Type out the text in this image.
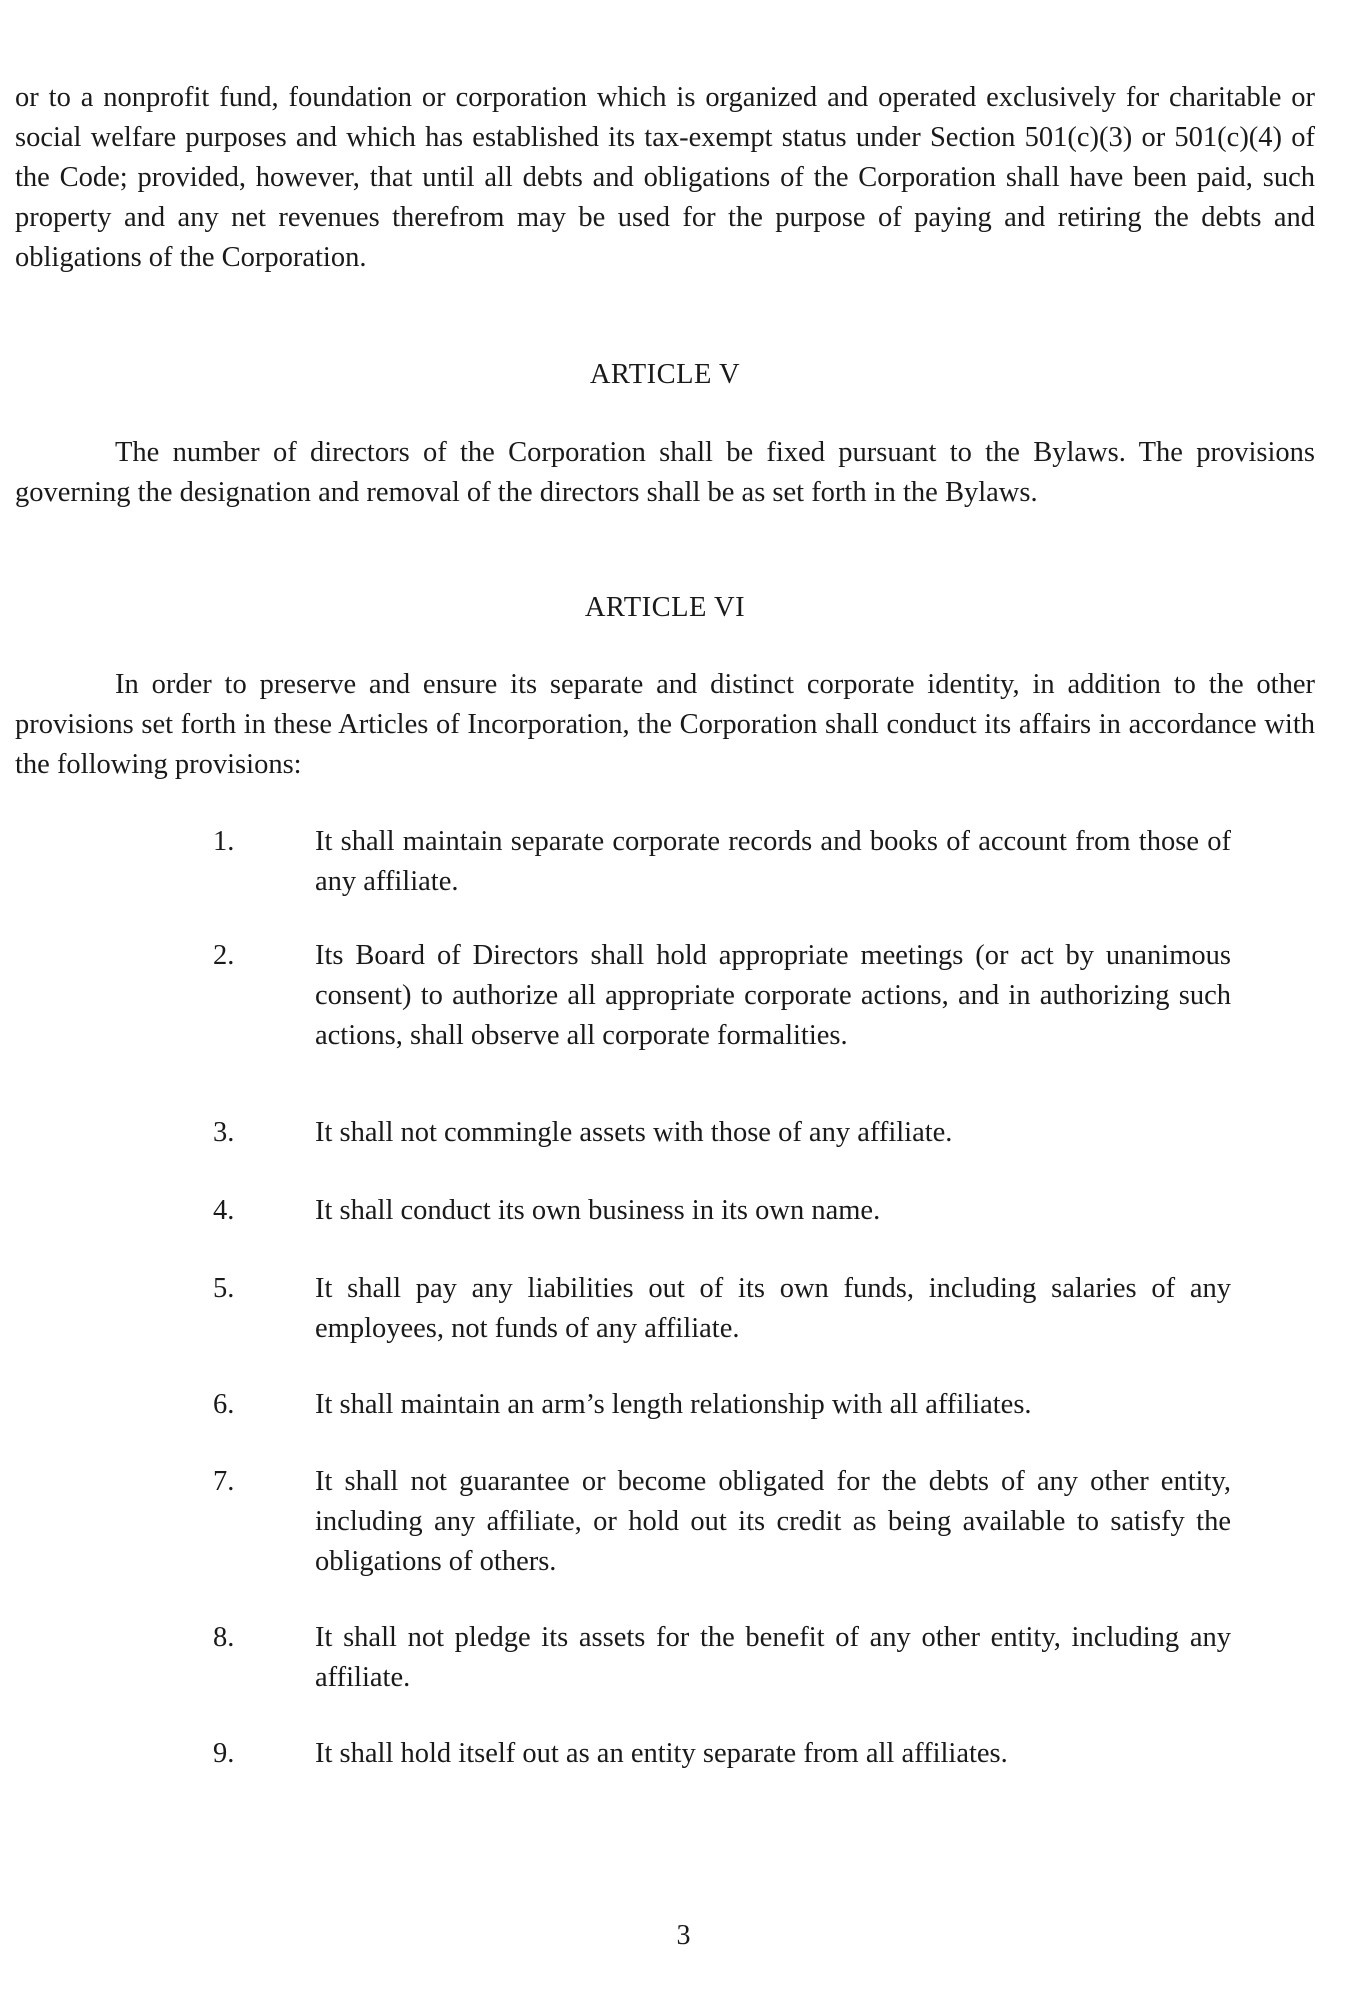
or to a nonprofit fund, foundation or corporation which is organized and operated exclusively for charitable or social welfare purposes and which has established its tax-exempt status under Section 501(c)(3) or 501(c)(4) of the Code; provided, however, that until all debts and obligations of the Corporation shall have been paid, such property and any net revenues therefrom may be used for the purpose of paying and retiring the debts and obligations of the Corporation.

ARTICLE V

The number of directors of the Corporation shall be fixed pursuant to the Bylaws. The provisions governing the designation and removal of the directors shall be as set forth in the Bylaws.

ARTICLE VI

In order to preserve and ensure its separate and distinct corporate identity, in addition to the other provisions set forth in these Articles of Incorporation, the Corporation shall conduct its affairs in accordance with the following provisions:

1.	It shall maintain separate corporate records and books of account from those of any affiliate.
2.	Its Board of Directors shall hold appropriate meetings (or act by unanimous consent) to authorize all appropriate corporate actions, and in authorizing such actions, shall observe all corporate formalities.
3.	It shall not commingle assets with those of any affiliate.
4.	It shall conduct its own business in its own name.
5.	It shall pay any liabilities out of its own funds, including salaries of any employees, not funds of any affiliate.
6.	It shall maintain an arm’s length relationship with all affiliates.
7.	It shall not guarantee or become obligated for the debts of any other entity, including any affiliate, or hold out its credit as being available to satisfy the obligations of others.
8.	It shall not pledge its assets for the benefit of any other entity, including any affiliate.
9.	It shall hold itself out as an entity separate from all affiliates.
3
